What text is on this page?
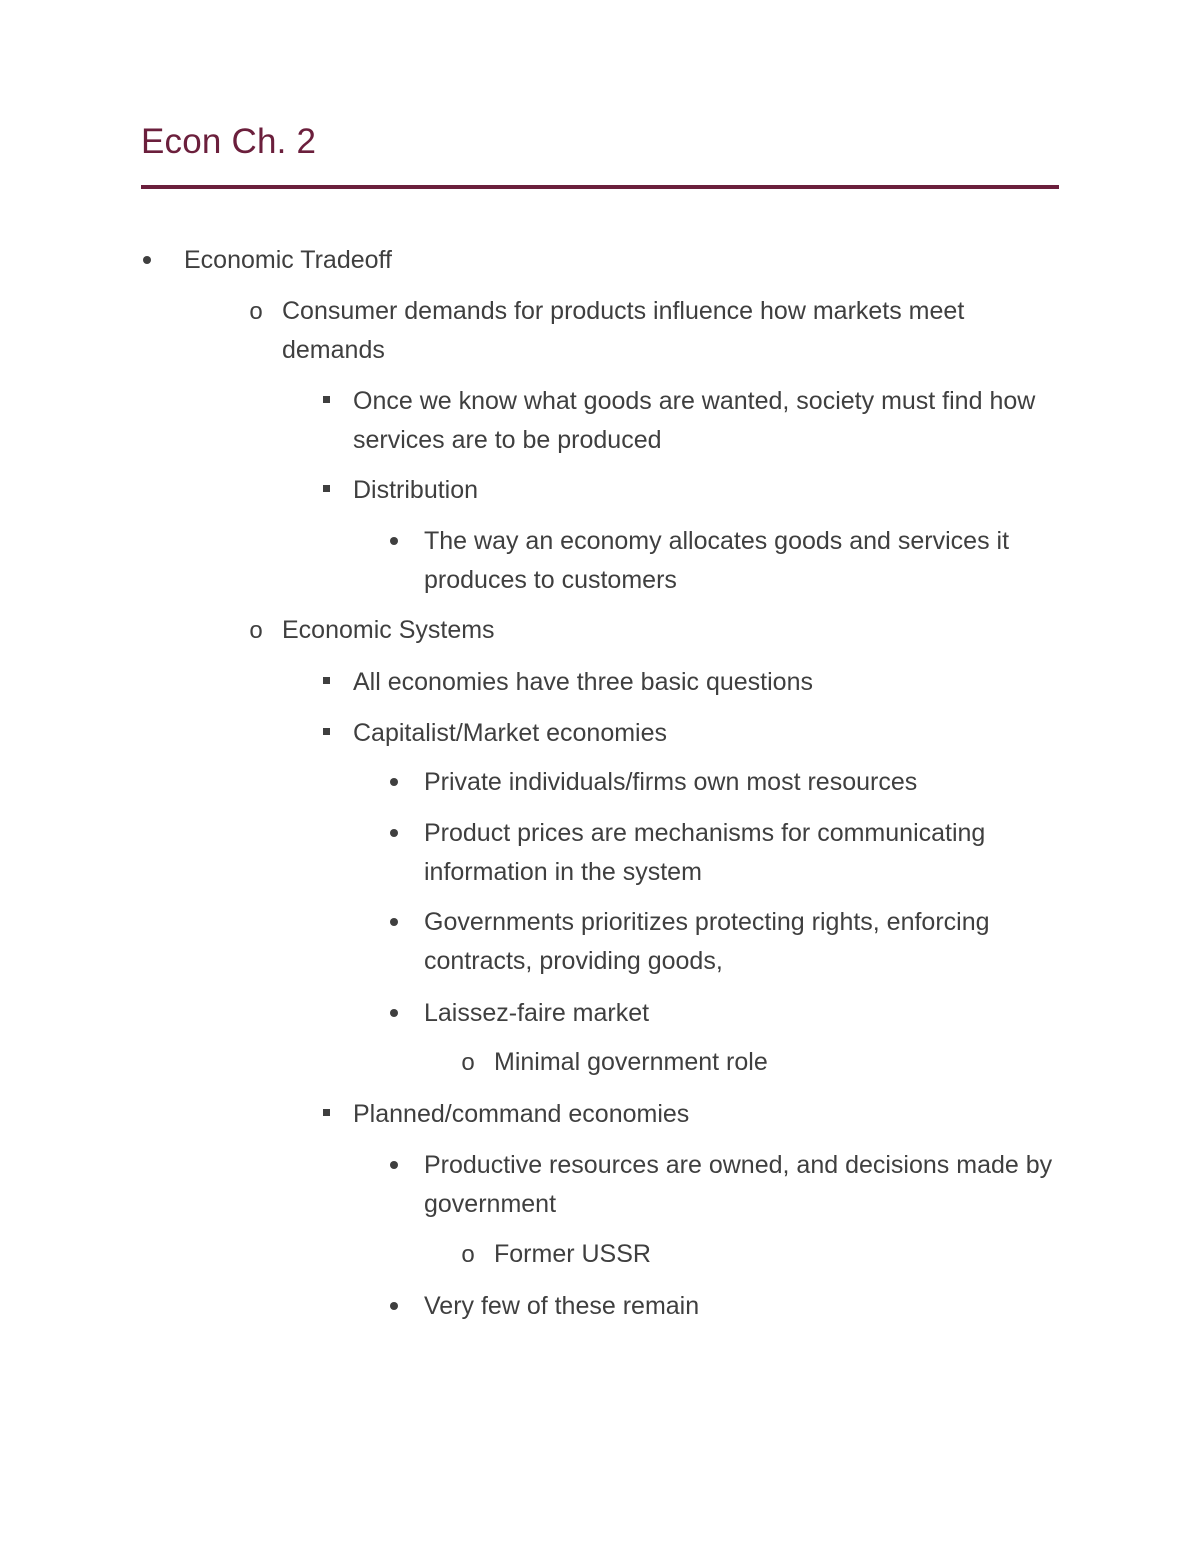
Econ Ch. 2
Economic Tradeoff
o Consumer demands for products influence how markets meet demands
Once we know what goods are wanted, society must find how services are to be produced
Distribution
The way an economy allocates goods and services it produces to customers
o Economic Systems
All economies have three basic questions
Capitalist/Market economies
Private individuals/firms own most resources
Product prices are mechanisms for communicating information in the system
Governments prioritizes protecting rights, enforcing contracts, providing goods,
Laissez-faire market
o Minimal government role
Planned/command economies
Productive resources are owned, and decisions made by government
o Former USSR
Very few of these remain
